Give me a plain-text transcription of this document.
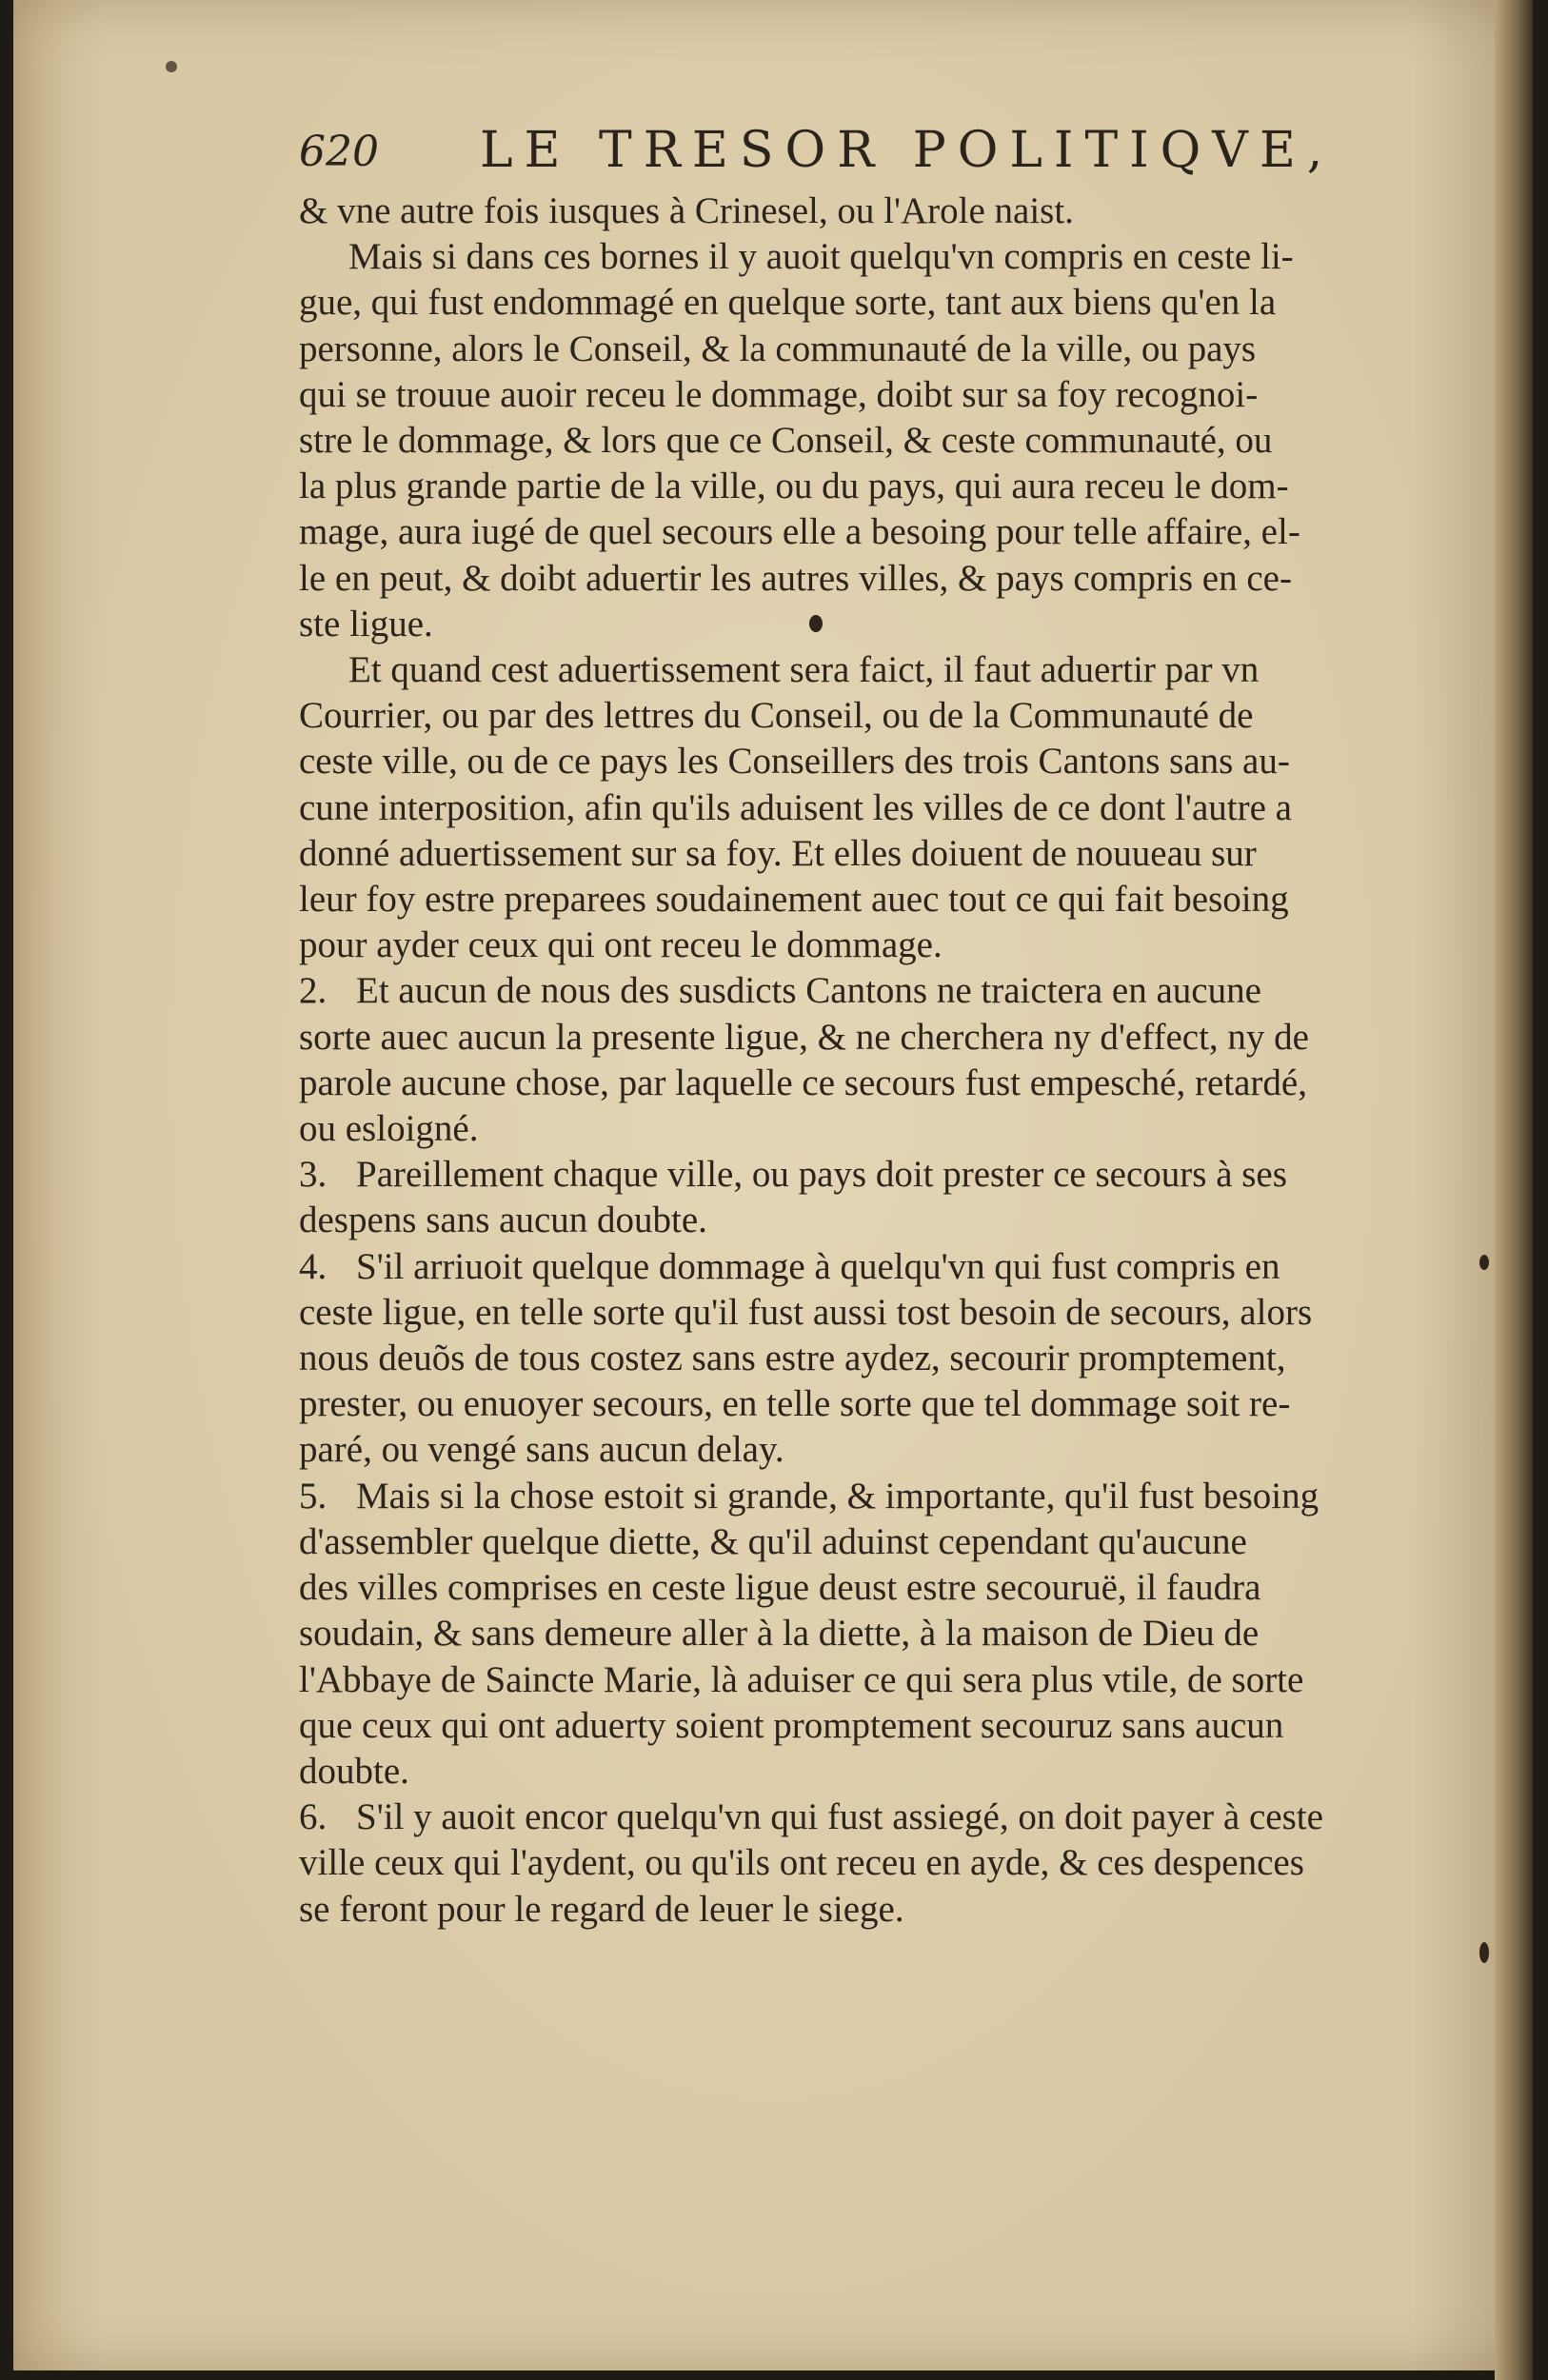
620 LE TRESOR POLITIQVE,
& vne autre fois iusques à Crinesel, ou l'Arole naist.
Mais si dans ces bornes il y auoit quelqu'vn compris en ceste li-
gue, qui fust endommagé en quelque sorte, tant aux biens qu'en la
personne, alors le Conseil, & la communauté de la ville, ou pays
qui se trouue auoir receu le dommage, doibt sur sa foy recognoi-
stre le dommage, & lors que ce Conseil, & ceste communauté, ou
la plus grande partie de la ville, ou du pays, qui aura receu le dom-
mage, aura iugé de quel secours elle a besoing pour telle affaire, el-
le en peut, & doibt aduertir les autres villes, & pays compris en ce-
ste ligue.
Et quand cest aduertissement sera faict, il faut aduertir par vn
Courrier, ou par des lettres du Conseil, ou de la Communauté de
ceste ville, ou de ce pays les Conseillers des trois Cantons sans au-
cune interposition, afin qu'ils aduisent les villes de ce dont l'autre a
donné aduertissement sur sa foy. Et elles doiuent de nouueau sur
leur foy estre preparees soudainement auec tout ce qui fait besoing
pour ayder ceux qui ont receu le dommage.
2. Et aucun de nous des susdicts Cantons ne traictera en aucune
sorte auec aucun la presente ligue, & ne cherchera ny d'effect, ny de
parole aucune chose, par laquelle ce secours fust empesché, retardé,
ou esloigné.
3. Pareillement chaque ville, ou pays doit prester ce secours à ses
despens sans aucun doubte.
4. S'il arriuoit quelque dommage à quelqu'vn qui fust compris en
ceste ligue, en telle sorte qu'il fust aussi tost besoin de secours, alors
nous deuõs de tous costez sans estre aydez, secourir promptement,
prester, ou enuoyer secours, en telle sorte que tel dommage soit re-
paré, ou vengé sans aucun delay.
5. Mais si la chose estoit si grande, & importante, qu'il fust besoing
d'assembler quelque diette, & qu'il aduinst cependant qu'aucune
des villes comprises en ceste ligue deust estre secouruë, il faudra
soudain, & sans demeure aller à la diette, à la maison de Dieu de
l'Abbaye de Saincte Marie, là aduiser ce qui sera plus vtile, de sorte
que ceux qui ont aduerty soient promptement secouruz sans aucun
doubte.
6. S'il y auoit encor quelqu'vn qui fust assiegé, on doit payer à ceste
ville ceux qui l'aydent, ou qu'ils ont receu en ayde, & ces despences
se feront pour le regard de leuer le siege.
